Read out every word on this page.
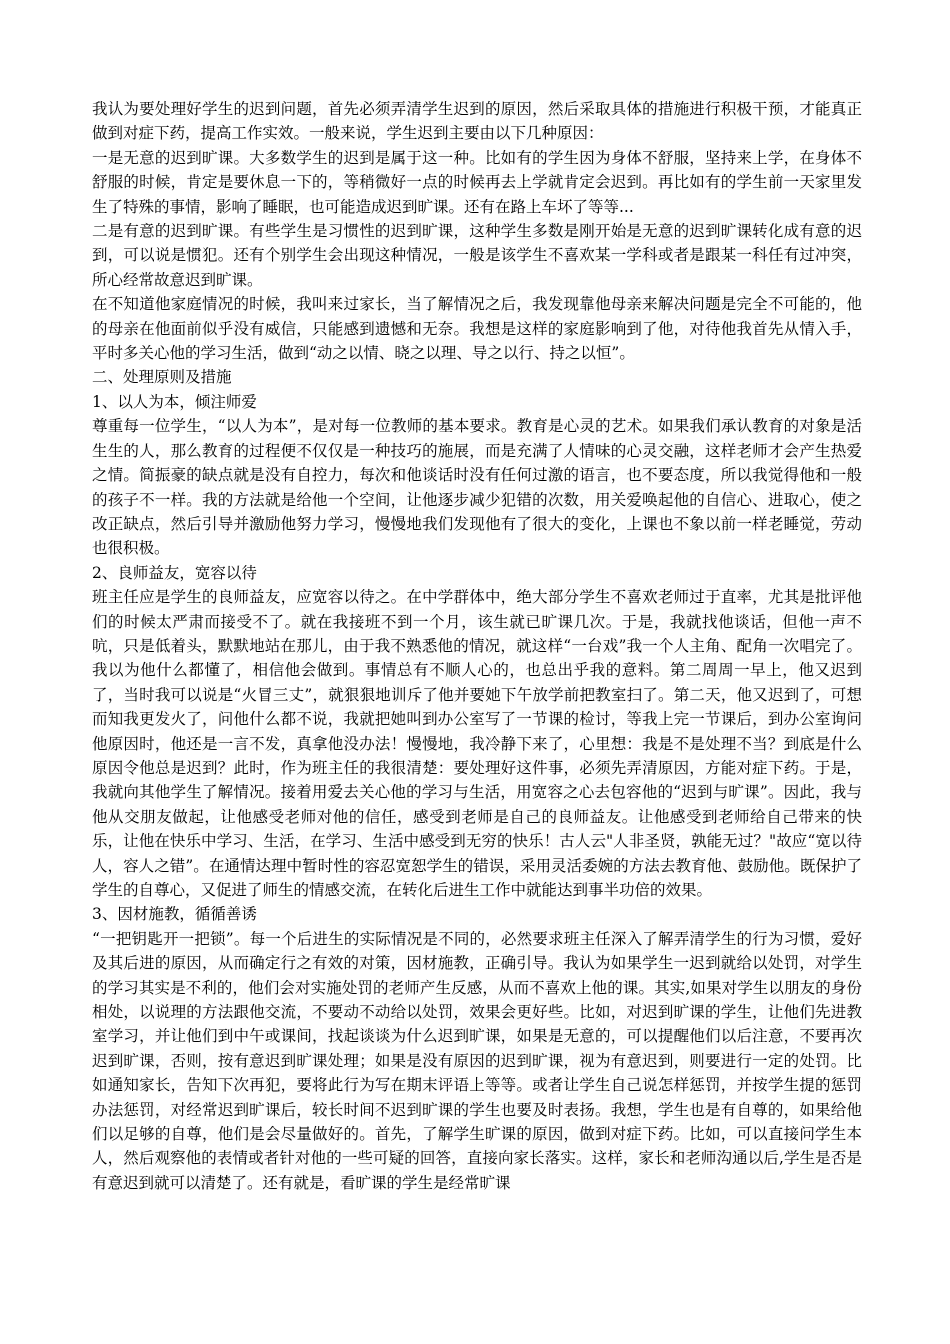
我认为要处理好学生的迟到问题，首先必须弄清学生迟到的原因，然后采取具体的措施进行积极干预，才能真正做到对症下药，提高工作实效。一般来说，学生迟到主要由以下几种原因：

一是无意的迟到旷课。大多数学生的迟到是属于这一种。比如有的学生因为身体不舒服，坚持来上学，在身体不舒服的时候，肯定是要休息一下的，等稍微好一点的时候再去上学就肯定会迟到。再比如有的学生前一天家里发生了特殊的事情，影响了睡眠，也可能造成迟到旷课。还有在路上车坏了等等...

二是有意的迟到旷课。有些学生是习惯性的迟到旷课，这种学生多数是刚开始是无意的迟到旷课转化成有意的迟到，可以说是惯犯。还有个别学生会出现这种情况，一般是该学生不喜欢某一学科或者是跟某一科任有过冲突，所心经常故意迟到旷课。

在不知道他家庭情况的时候，我叫来过家长，当了解情况之后，我发现靠他母亲来解决问题是完全不可能的，他的母亲在他面前似乎没有威信，只能感到遗憾和无奈。我想是这样的家庭影响到了他，对待他我首先从情入手，平时多关心他的学习生活，做到“动之以情、晓之以理、导之以行、持之以恒”。

二、处理原则及措施

1、以人为本，倾注师爱

尊重每一位学生，“以人为本”，是对每一位教师的基本要求。教育是心灵的艺术。如果我们承认教育的对象是活生生的人，那么教育的过程便不仅仅是一种技巧的施展，而是充满了人情味的心灵交融，这样老师才会产生热爱之情。简振豪的缺点就是没有自控力，每次和他谈话时没有任何过激的语言，也不要态度，所以我觉得他和一般的孩子不一样。我的方法就是给他一个空间，让他逐步减少犯错的次数，用关爱唤起他的自信心、进取心，使之改正缺点，然后引导并激励他努力学习，慢慢地我们发现他有了很大的变化，上课也不象以前一样老睡觉，劳动也很积极。

2、良师益友，宽容以待

班主任应是学生的良师益友，应宽容以待之。在中学群体中，绝大部分学生不喜欢老师过于直率，尤其是批评他们的时候太严肃而接受不了。就在我接班不到一个月，该生就已旷课几次。于是，我就找他谈话，但他一声不吭，只是低着头，默默地站在那儿，由于我不熟悉他的情况，就这样“一台戏”我一个人主角、配角一次唱完了。我以为他什么都懂了，相信他会做到。事情总有不顺人心的，也总出乎我的意料。第二周周一早上，他又迟到了，当时我可以说是“火冒三丈”，就狠狠地训斥了他并要她下午放学前把教室扫了。第二天，他又迟到了，可想而知我更发火了，问他什么都不说，我就把她叫到办公室写了一节课的检讨，等我上完一节课后，到办公室询问他原因时，他还是一言不发，真拿他没办法！慢慢地，我冷静下来了，心里想：我是不是处理不当？到底是什么原因令他总是迟到？此时，作为班主任的我很清楚：要处理好这件事，必须先弄清原因，方能对症下药。于是，我就向其他学生了解情况。接着用爱去关心他的学习与生活，用宽容之心去包容他的“迟到与旷课”。因此，我与他从交朋友做起，让他感受老师对他的信任，感受到老师是自己的良师益友。让他感受到老师给自己带来的快乐，让他在快乐中学习、生活，在学习、生活中感受到无穷的快乐！古人云"人非圣贤，孰能无过？"故应“宽以待人，容人之错”。在通情达理中暂时性的容忍宽恕学生的错误，采用灵活委婉的方法去教育他、鼓励他。既保护了学生的自尊心，又促进了师生的情感交流，在转化后进生工作中就能达到事半功倍的效果。

3、因材施教，循循善诱

“一把钥匙开一把锁”。每一个后进生的实际情况是不同的，必然要求班主任深入了解弄清学生的行为习惯，爱好及其后进的原因，从而确定行之有效的对策，因材施教，正确引导。我认为如果学生一迟到就给以处罚，对学生的学习其实是不利的，他们会对实施处罚的老师产生反感，从而不喜欢上他的课。其实,如果对学生以朋友的身份相处，以说理的方法跟他交流，不要动不动给以处罚，效果会更好些。比如，对迟到旷课的学生，让他们先进教室学习，并让他们到中午或课间，找起谈谈为什么迟到旷课，如果是无意的，可以提醒他们以后注意，不要再次迟到旷课，否则，按有意迟到旷课处理；如果是没有原因的迟到旷课，视为有意迟到，则要进行一定的处罚。比如通知家长，告知下次再犯，要将此行为写在期末评语上等等。或者让学生自己说怎样惩罚，并按学生提的惩罚办法惩罚，对经常迟到旷课后，较长时间不迟到旷课的学生也要及时表扬。我想，学生也是有自尊的，如果给他们以足够的自尊，他们是会尽量做好的。首先，了解学生旷课的原因，做到对症下药。比如，可以直接问学生本人，然后观察他的表情或者针对他的一些可疑的回答，直接向家长落实。这样，家长和老师沟通以后,学生是否是有意迟到就可以清楚了。还有就是，看旷课的学生是经常旷课
